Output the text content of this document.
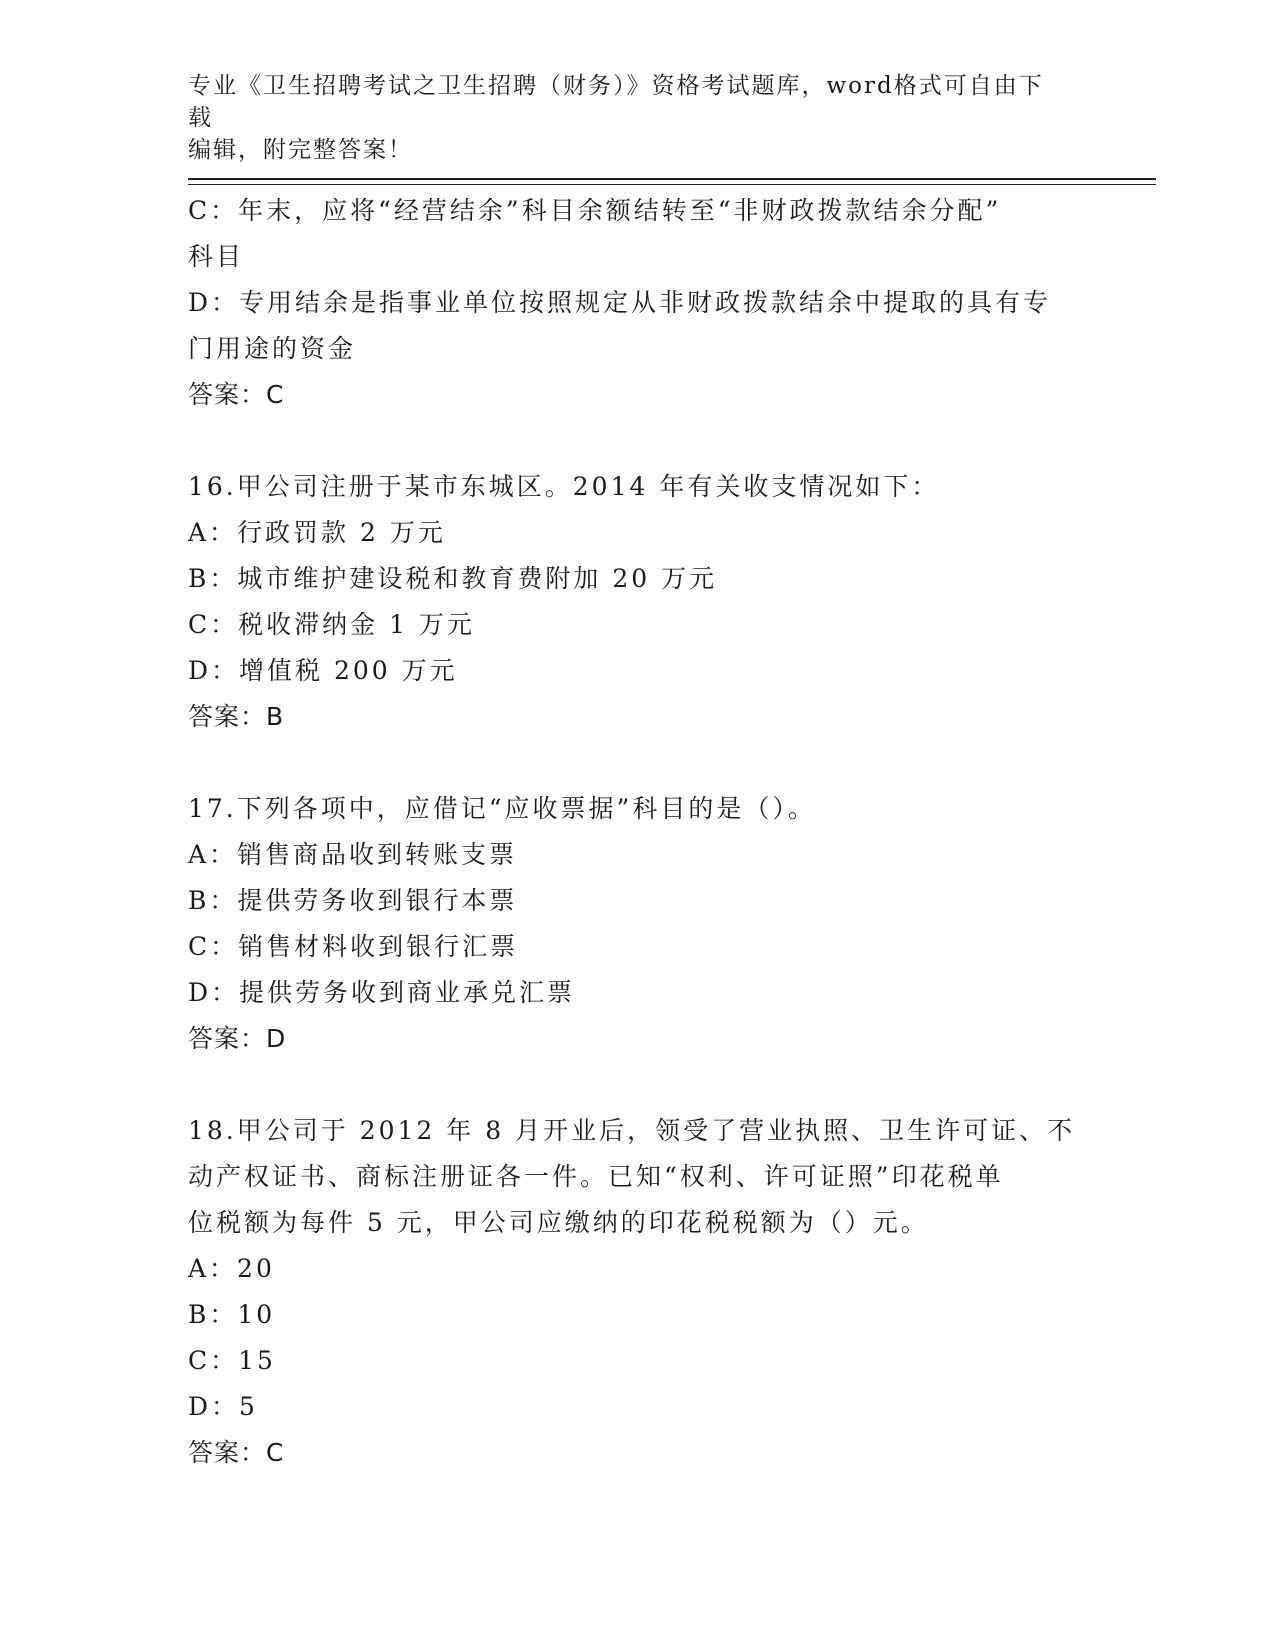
专业《卫生招聘考试之卫生招聘（财务）》资格考试题库，word格式可自由下载
编辑，附完整答案！
C：年末，应将“经营结余”科目余额结转至“非财政拨款结余分配”
科目
D：专用结余是指事业单位按照规定从非财政拨款结余中提取的具有专
门用途的资金
答案：C
16.甲公司注册于某市东城区。2014 年有关收支情况如下：
A：行政罚款 2 万元
B：城市维护建设税和教育费附加 20 万元
C：税收滞纳金 1 万元
D：增值税 200 万元
答案：B
17.下列各项中，应借记“应收票据”科目的是（）。
A：销售商品收到转账支票
B：提供劳务收到银行本票
C：销售材料收到银行汇票
D：提供劳务收到商业承兑汇票
答案：D
18.甲公司于 2012 年 8 月开业后，领受了营业执照、卫生许可证、不
动产权证书、商标注册证各一件。已知“权利、许可证照”印花税单
位税额为每件 5 元，甲公司应缴纳的印花税税额为（）元。
A：20
B：10
C：15
D：5
答案：C
